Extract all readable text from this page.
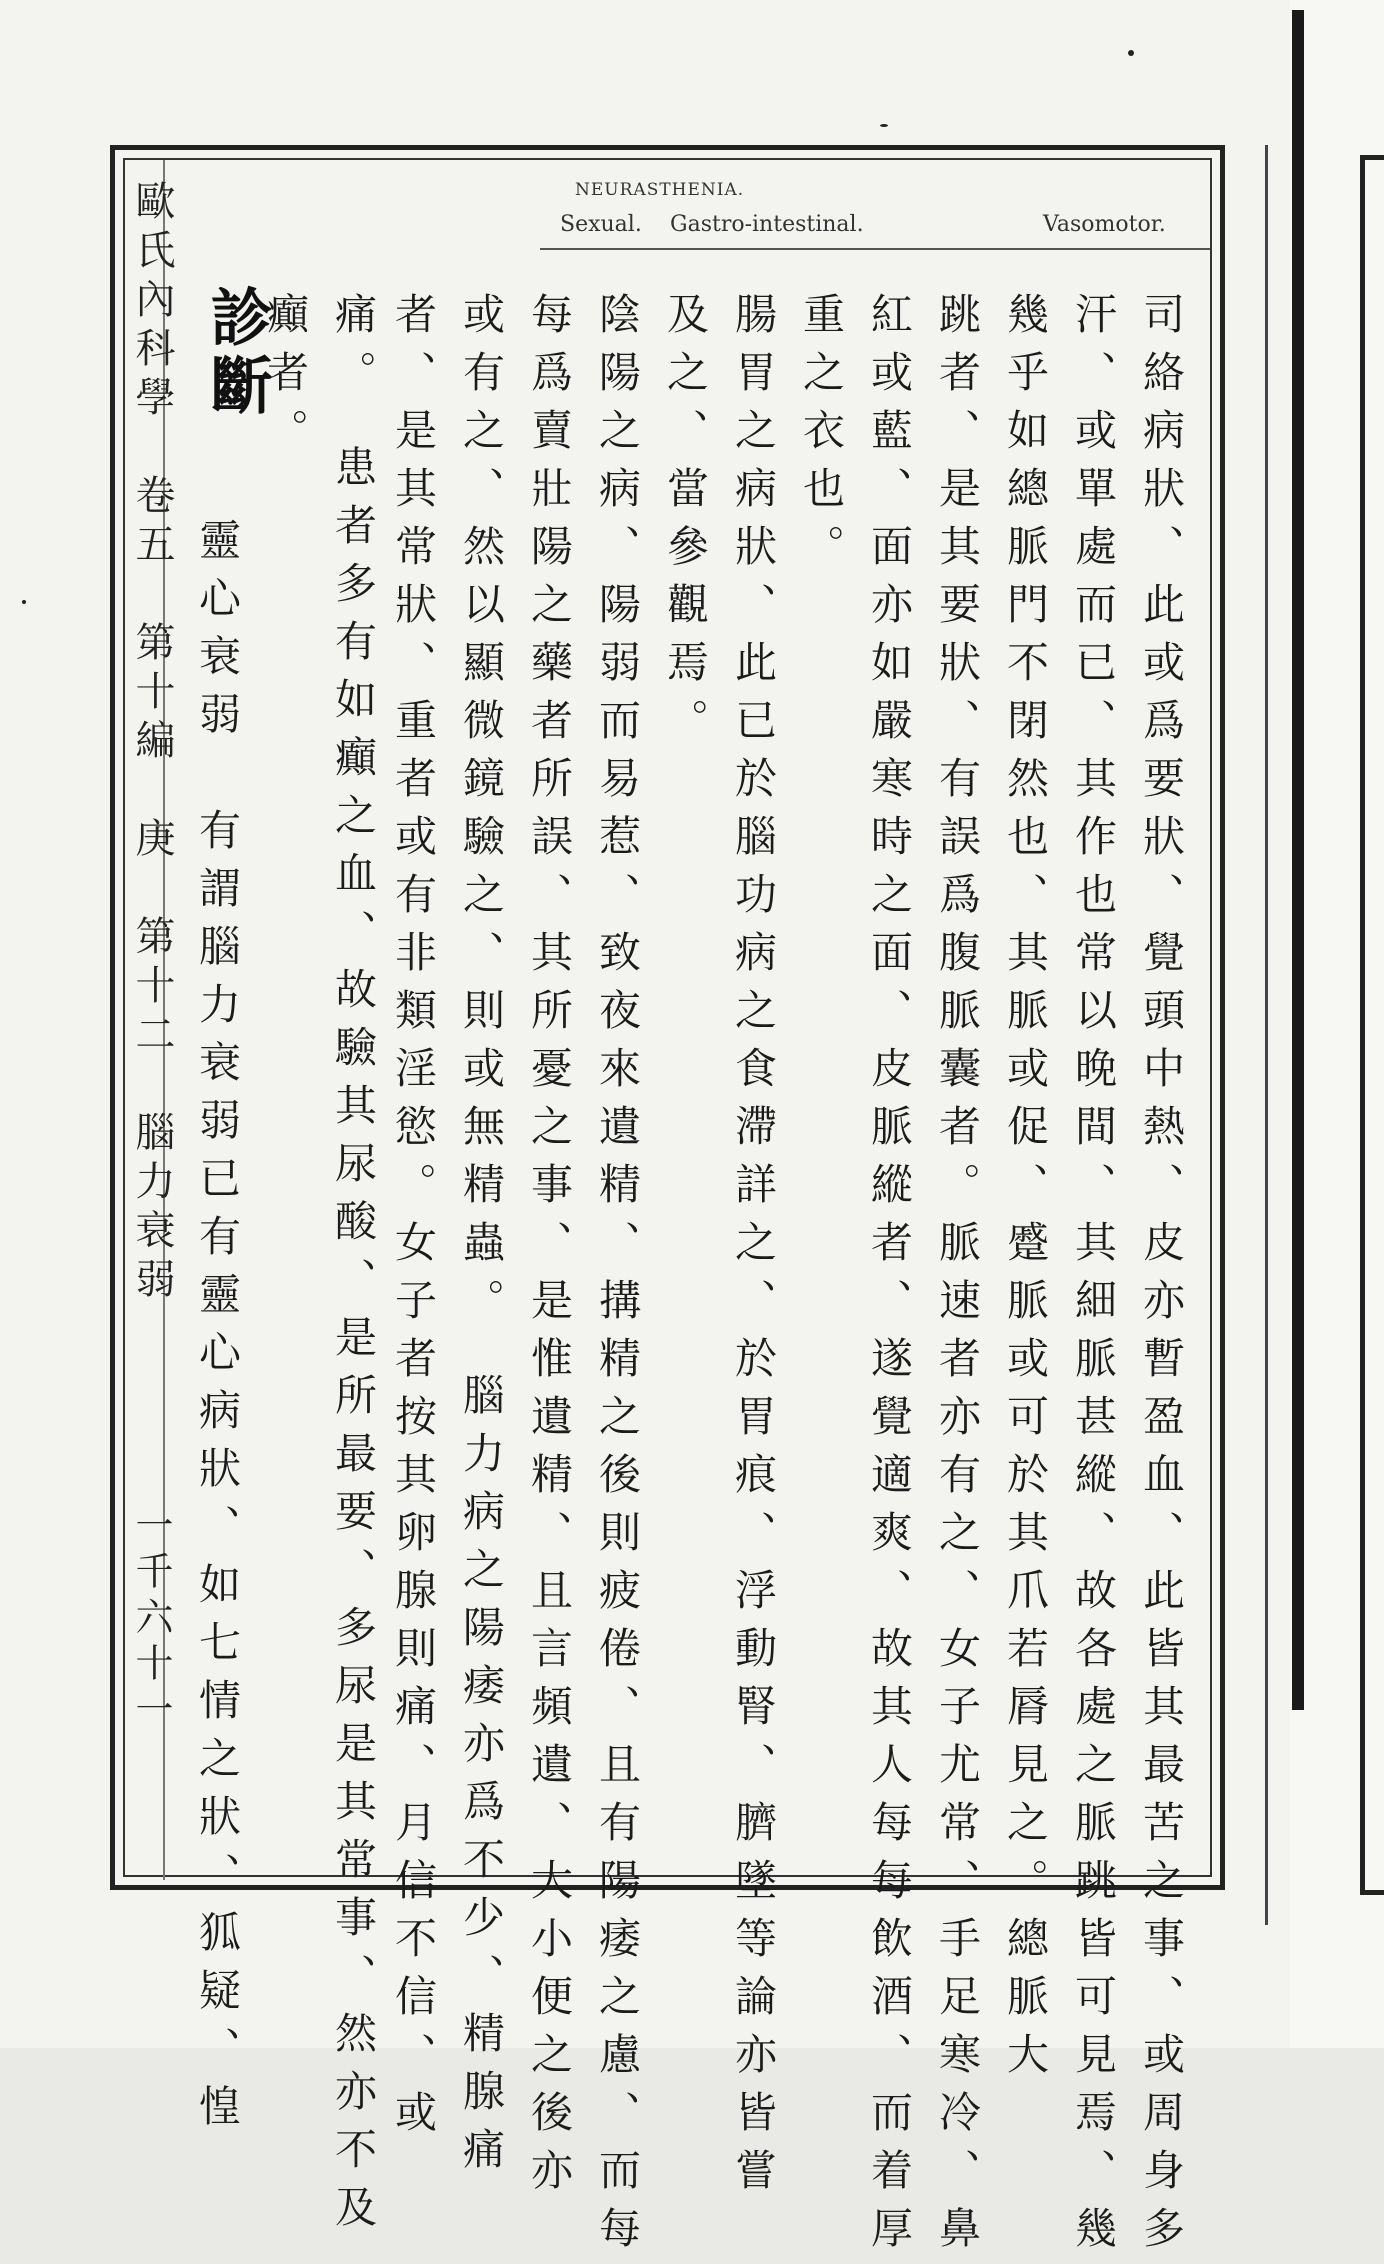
NEURASTHENIA.
Sexual. Gastro-intestinal.	Vasomotor.
歐氏內科學　卷五　第十編　庚　第十二　腦力衰弱
一千六十一
診斷	司絡病狀、此或爲要狀、覺頭中熱、皮亦暫盈血、此皆其最苦之事、或周身多
汗、或單處而已、其作也常以晚間、其細脈甚縱、故各處之脈跳皆可見焉、幾
幾乎如總脈門不閉然也、其脈或促、蹙脈或可於其爪若脣見之。總脈大
跳者、是其要狀、有誤爲腹脈囊者。脈速者亦有之、女子尤常、手足寒冷、鼻
紅或藍、面亦如嚴寒時之面、皮脈縱者、遂覺適爽、故其人每每飲酒、而着厚
重之衣也。
腸胃之病狀、此已於腦功病之食滯詳之、於胃痕、浮動腎、臍墜等論亦皆嘗
及之、當參觀焉。
陰陽之病、陽弱而易惹、致夜來遺精、搆精之後則疲倦、且有陽痿之慮、而每
每爲賣壯陽之藥者所誤、其所憂之事、是惟遺精、且言頻遺、大小便之後亦
或有之、然以顯微鏡驗之、則或無精蟲。　腦力病之陽痿亦爲不少、精腺痛
者、是其常狀、重者或有非類淫慾。女子者按其卵腺則痛、月信不信、或
痛。　患者多有如癲之血、故驗其尿酸、是所最要、多尿是其常事、然亦不及
癲者。
　靈心衰弱　有謂腦力衰弱已有靈心病狀、如七情之狀、狐疑、惶
